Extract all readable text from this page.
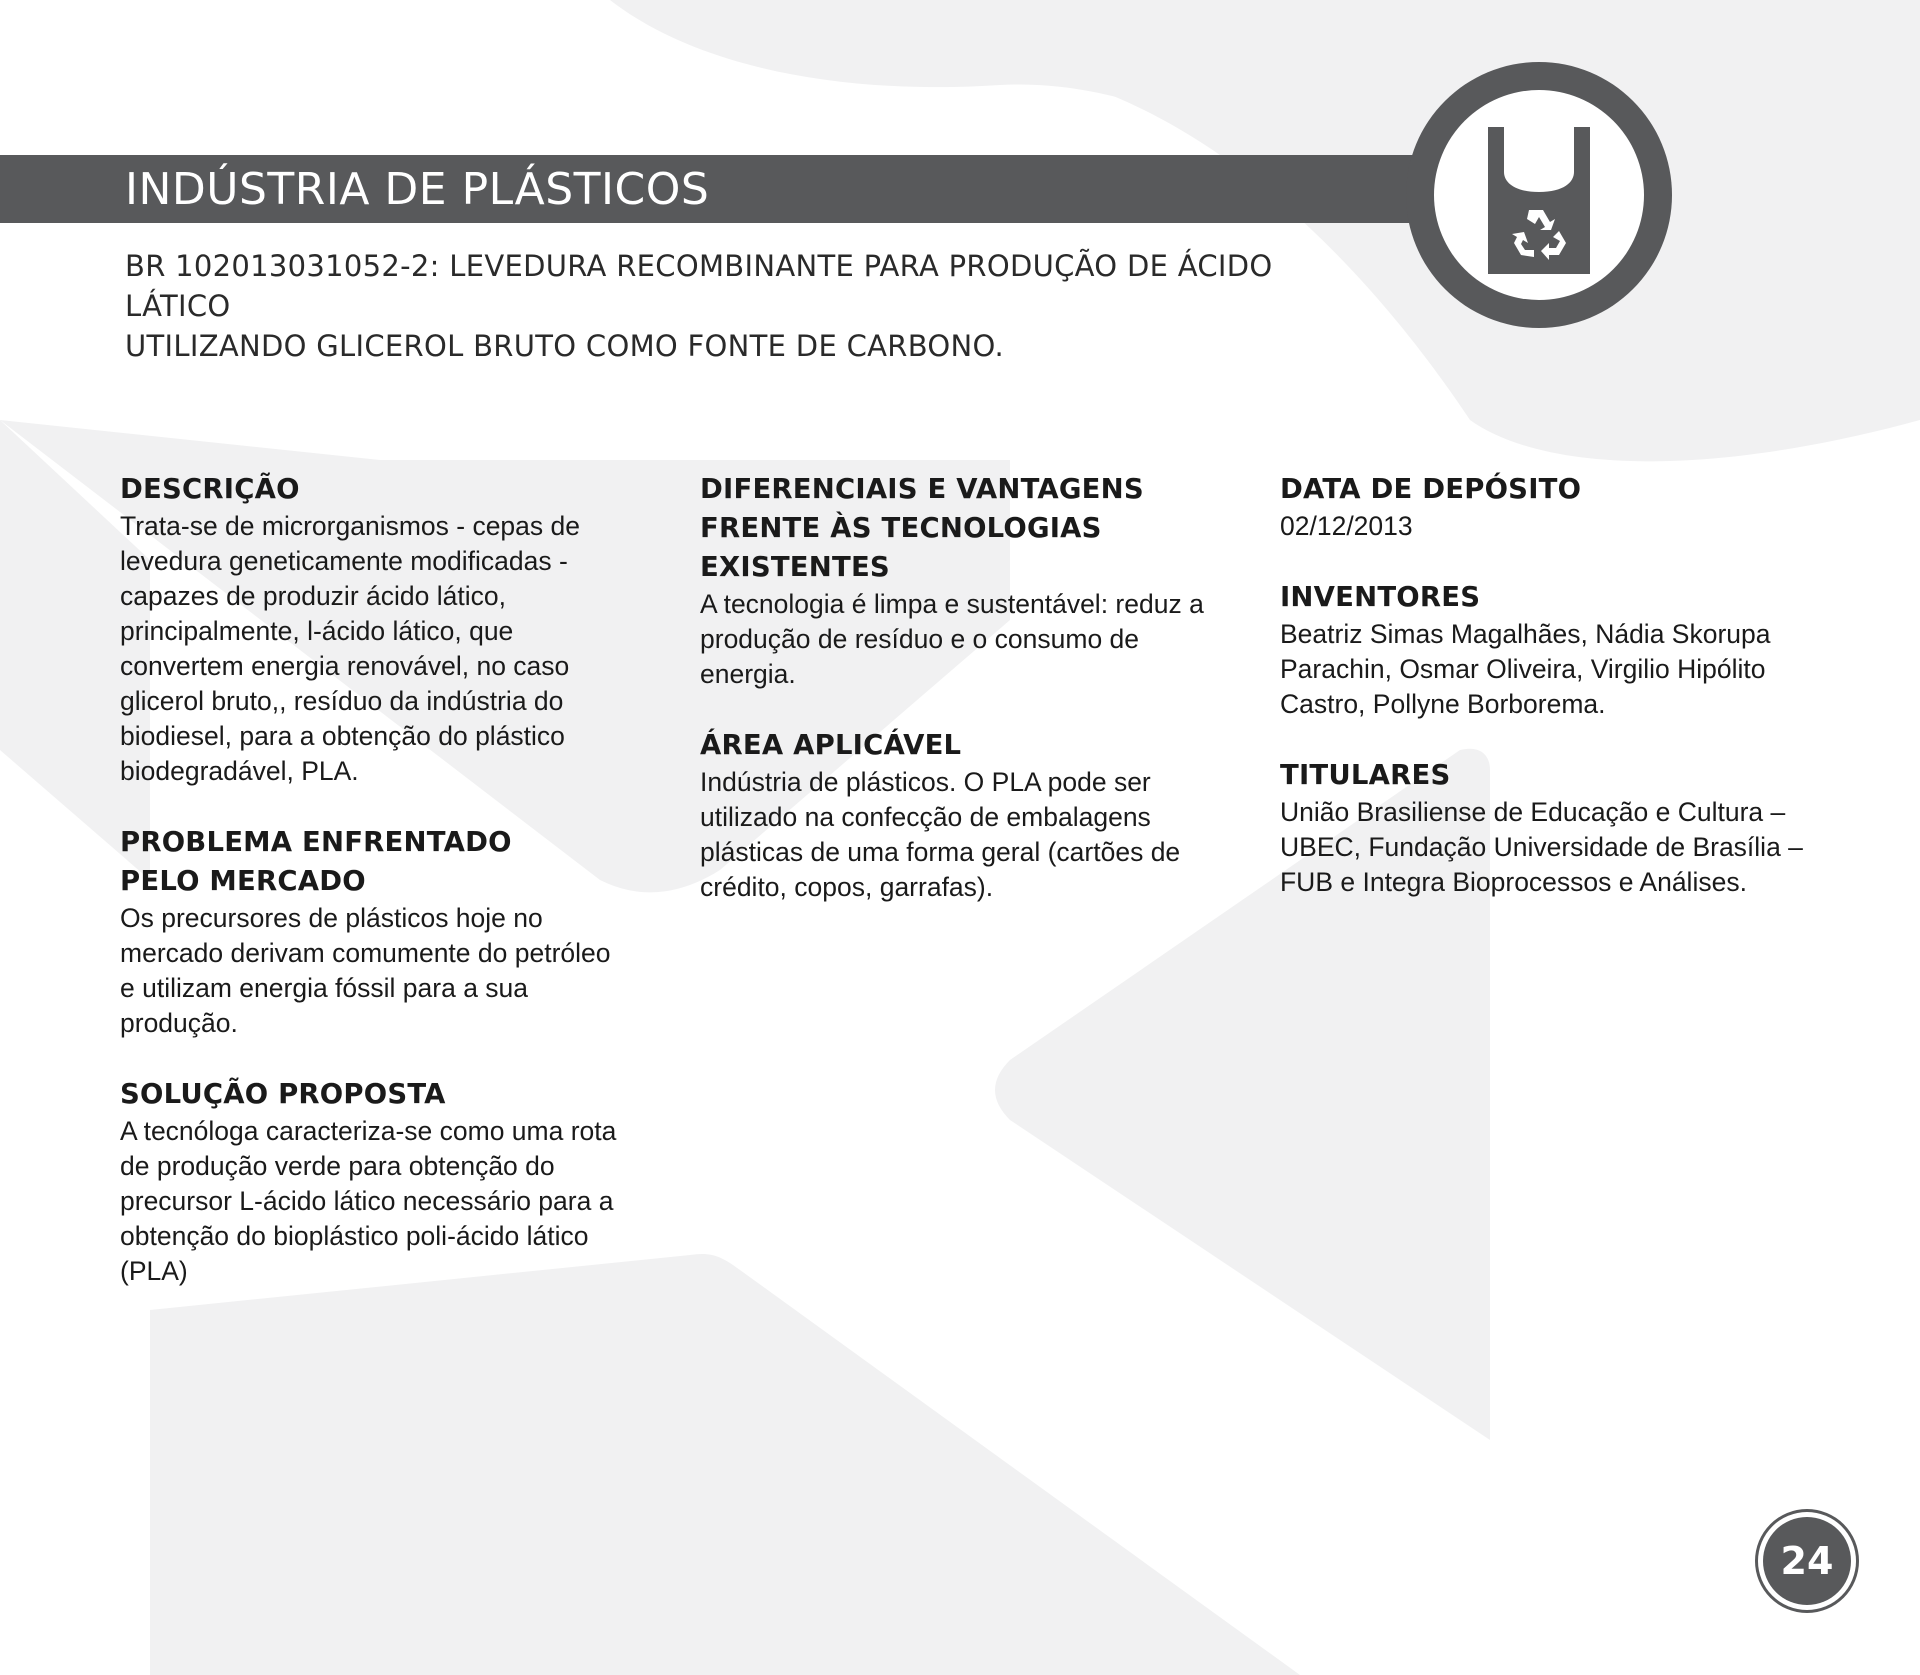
INDÚSTRIA DE PLÁSTICOS
BR 102013031052-2: LEVEDURA RECOMBINANTE PARA PRODUÇÃO DE ÁCIDO LÁTICO
UTILIZANDO GLICEROL BRUTO COMO FONTE DE CARBONO.
DESCRIÇÃO

Trata-se de microrganismos - cepas de
levedura geneticamente modificadas -
capazes de produzir ácido lático,
principalmente, l-ácido lático, que
convertem energia renovável, no caso
glicerol bruto,, resíduo da indústria do
biodiesel, para a obtenção do plástico
biodegradável, PLA.

PROBLEMA ENFRENTADO PELO MERCADO

Os precursores de plásticos hoje no
mercado derivam comumente do petróleo
e utilizam energia fóssil para a sua
produção.

SOLUÇÃO PROPOSTA

A tecnóloga caracteriza-se como uma rota
de produção verde para obtenção do
precursor L-ácido lático necessário para a
obtenção do bioplástico poli-ácido lático
(PLA)

DIFERENCIAIS E VANTAGENS FRENTE ÀS TECNOLOGIAS EXISTENTES

A tecnologia é limpa e sustentável: reduz a
produção de resíduo e o consumo de
energia.

ÁREA APLICÁVEL

Indústria de plásticos. O PLA pode ser
utilizado na confecção de embalagens
plásticas de uma forma geral (cartões de
crédito, copos, garrafas).

DATA DE DEPÓSITO

02/12/2013

INVENTORES

Beatriz Simas Magalhães, Nádia Skorupa
Parachin, Osmar Oliveira, Virgilio Hipólito
Castro, Pollyne Borborema.

TITULARES

União Brasiliense de Educação e Cultura –
UBEC, Fundação Universidade de Brasília –
FUB e Integra Bioprocessos e Análises.

24
